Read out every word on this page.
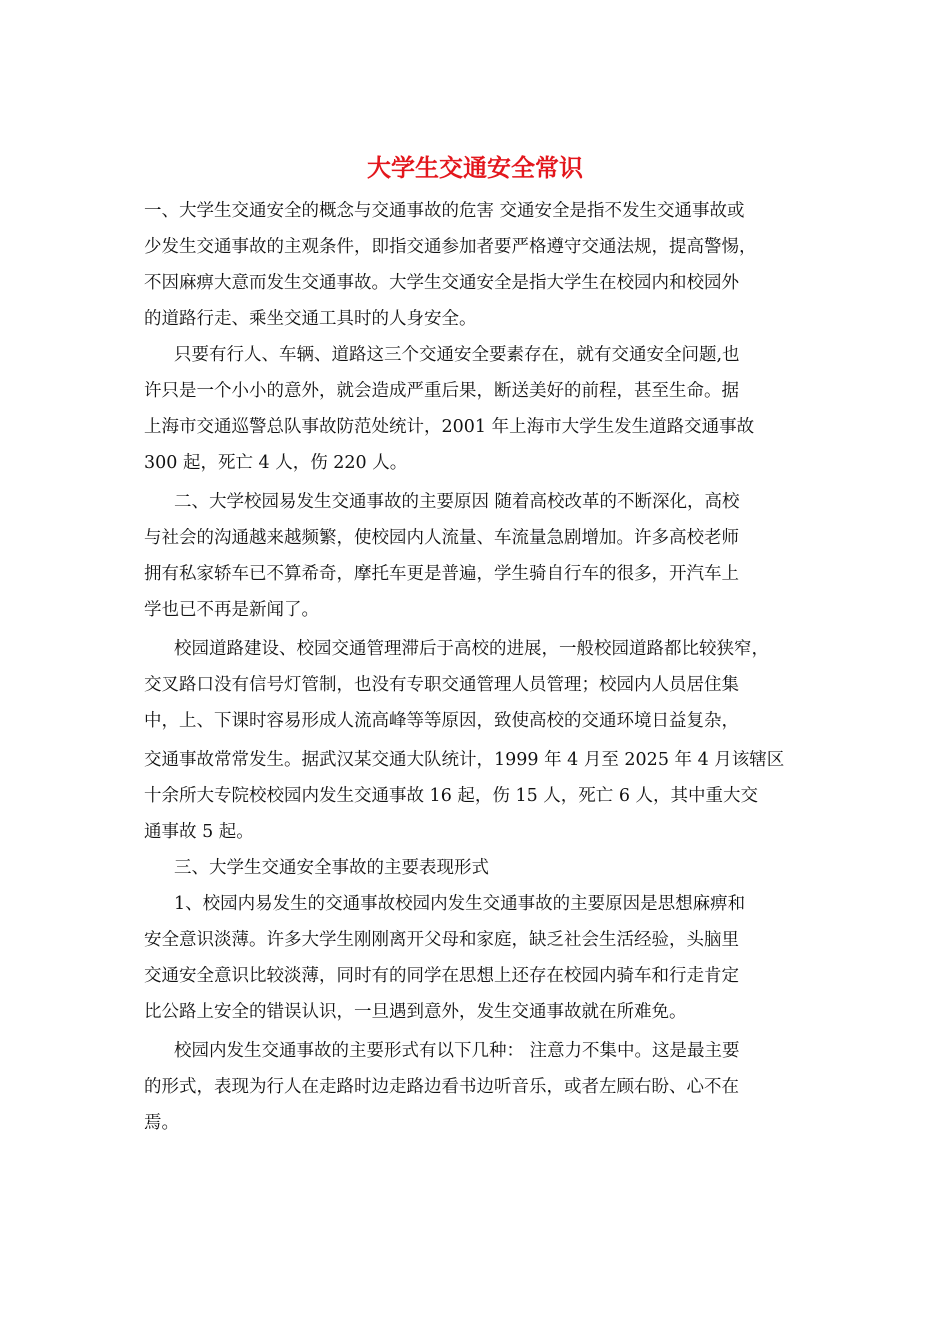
大学生交通安全常识

一、大学生交通安全的概念与交通事故的危害 交通安全是指不发生交通事故或

少发生交通事故的主观条件，即指交通参加者要严格遵守交通法规，提高警惕，

不因麻痹大意而发生交通事故。大学生交通安全是指大学生在校园内和校园外

的道路行走、乘坐交通工具时的人身安全。

只要有行人、车辆、道路这三个交通安全要素存在，就有交通安全问题,也

许只是一个小小的意外，就会造成严重后果，断送美好的前程，甚至生命。据

上海市交通巡警总队事故防范处统计，2001 年上海市大学生发生道路交通事故

300 起，死亡 4 人，伤 220 人。

二、大学校园易发生交通事故的主要原因 随着高校改革的不断深化，高校

与社会的沟通越来越频繁，使校园内人流量、车流量急剧增加。许多高校老师

拥有私家轿车已不算希奇，摩托车更是普遍，学生骑自行车的很多，开汽车上

学也已不再是新闻了。

校园道路建设、校园交通管理滞后于高校的进展，一般校园道路都比较狭窄，

交叉路口没有信号灯管制，也没有专职交通管理人员管理；校园内人员居住集

中，上、下课时容易形成人流高峰等等原因，致使高校的交通环境日益复杂，

交通事故常常发生。据武汉某交通大队统计，1999 年 4 月至 2025 年 4 月该辖区

十余所大专院校校园内发生交通事故 16 起，伤 15 人，死亡 6 人，其中重大交

通事故 5 起。

三、大学生交通安全事故的主要表现形式

1、校园内易发生的交通事故校园内发生交通事故的主要原因是思想麻痹和

安全意识淡薄。许多大学生刚刚离开父母和家庭，缺乏社会生活经验，头脑里

交通安全意识比较淡薄，同时有的同学在思想上还存在校园内骑车和行走肯定

比公路上安全的错误认识，一旦遇到意外，发生交通事故就在所难免。

校园内发生交通事故的主要形式有以下几种： 注意力不集中。这是最主要

的形式，表现为行人在走路时边走路边看书边听音乐，或者左顾右盼、心不在

焉。
